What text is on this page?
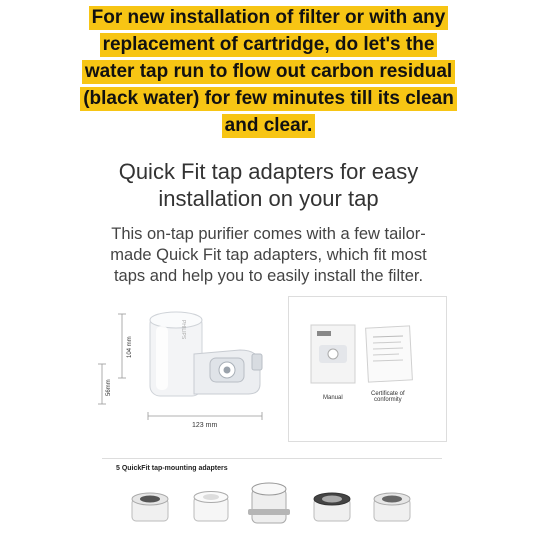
For new installation of filter or with any
replacement of cartridge, do let's the
water tap run to flow out carbon residual
(black water) for few minutes till its clean
and clear.
Quick Fit tap adapters for easy
installation on your tap
This on-tap purifier comes with a few tailor-
made Quick Fit tap adapters, which fit most
taps and help you to easily install the filter.
104 mm
56mm
123 mm
PHILIPS
Manual
Certificate of
conformity
5 QuickFit tap-mounting adapters
